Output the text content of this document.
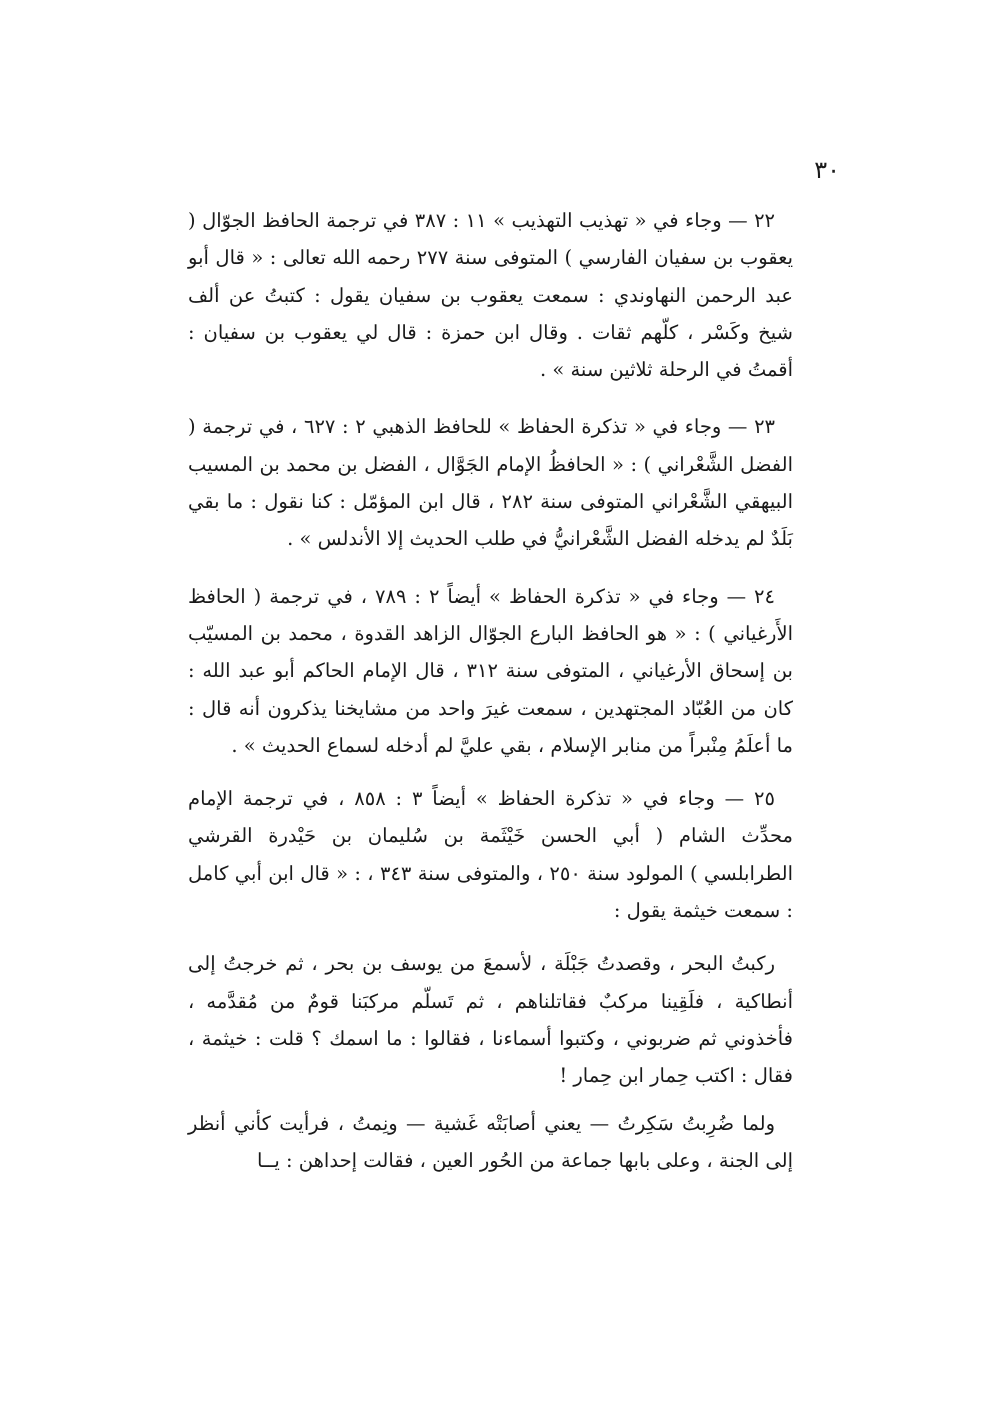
٣٠

٢٢ — وجاء في « تهذيب التهذيب » ١١ : ٣٨٧ في ترجمة الحافظ الجوّال ( يعقوب بن سفيان الفارسي ) المتوفى سنة ٢٧٧ رحمه الله تعالى : « قال أبو عبد الرحمن النهاوندي : سمعت يعقوب بن سفيان يقول : كتبتُ عن ألف شيخ وكَسْر ، كلّهم ثقات . وقال ابن حمزة : قال لي يعقوب بن سفيان : أقمتُ في الرحلة ثلاثين سنة » .

٢٣ — وجاء في « تذكرة الحفاظ » للحافظ الذهبي ٢ : ٦٢٧ ، في ترجمة ( الفضل الشَّعْراني ) : « الحافظُ الإمام الجَوَّال ، الفضل بن محمد بن المسيب البيهقي الشَّعْراني المتوفى سنة ٢٨٢ ، قال ابن المؤمّل : كنا نقول : ما بقي بَلَدٌ لم يدخله الفضل الشَّعْرانيُّ في طلب الحديث إلا الأندلس » .

٢٤ — وجاء في « تذكرة الحفاظ » أيضاً ٢ : ٧٨٩ ، في ترجمة ( الحافظ الأَرغياني ) : « هو الحافظ البارع الجوّال الزاهد القدوة ، محمد بن المسيّب بن إسحاق الأرغياني ، المتوفى سنة ٣١٢ ، قال الإمام الحاكم أبو عبد الله : كان من العُبّاد المجتهدين ، سمعت غيرَ واحد من مشايخنا يذكرون أنه قال : ما أعلَمُ مِنْبراً من منابر الإسلام ، بقي عليَّ لم أدخله لسماع الحديث » .

٢٥ — وجاء في « تذكرة الحفاظ » أيضاً ٣ : ٨٥٨ ، في ترجمة الإمام محدِّث الشام ( أبي الحسن خَيْثَمة بن سُليمان بن حَيْدرة القرشي الطرابلسي ) المولود سنة ٢٥٠ ، والمتوفى سنة ٣٤٣ ، : « قال ابن أبي كامل : سمعت خيثمة يقول :

ركبتُ البحر ، وقصدتُ جَبْلَة ، لأسمعَ من يوسف بن بحر ، ثم خرجتُ إلى أنطاكية ، فلَقِينا مركبٌ فقاتلناهم ، ثم تَسلّم مركبَنا قومٌ من مُقدَّمه ، فأخذوني ثم ضربوني ، وكتبوا أسماءنا ، فقالوا : ما اسمك ؟ قلت : خيثمة ، فقال : اكتب حِمار ابن حِمار !

ولما ضُرِبتُ سَكِرتُ — يعني أصابَتْه غَشية — ونِمتُ ، فرأيت كأني أنظر إلى الجنة ، وعلى بابها جماعة من الحُور العين ، فقالت إحداهن : يــا
